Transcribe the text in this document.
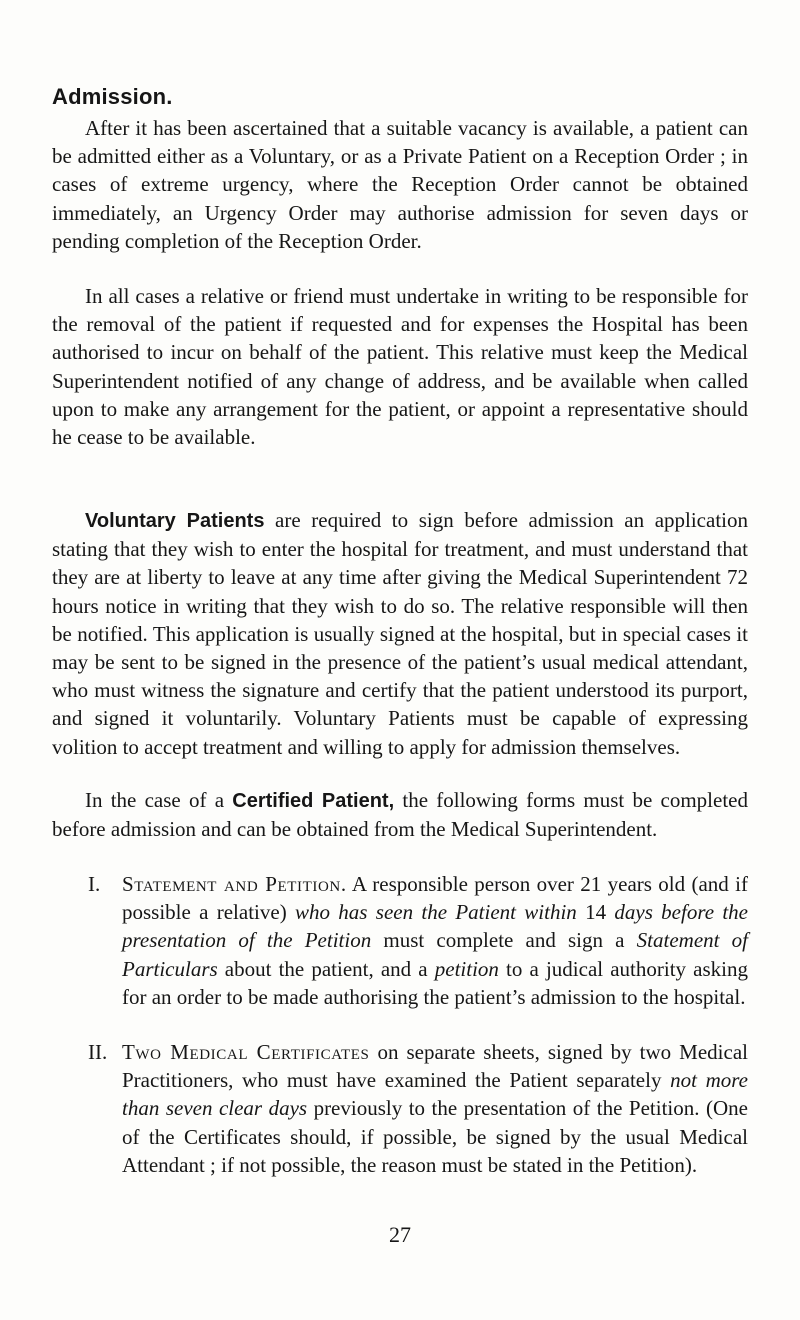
Admission.

After it has been ascertained that a suitable vacancy is available, a patient can be admitted either as a Voluntary, or as a Private Patient on a Reception Order ; in cases of extreme urgency, where the Reception Order cannot be obtained immediately, an Urgency Order may authorise admission for seven days or pending completion of the Reception Order.

In all cases a relative or friend must undertake in writing to be responsible for the removal of the patient if requested and for expenses the Hospital has been authorised to incur on behalf of the patient. This relative must keep the Medical Superintendent notified of any change of address, and be available when called upon to make any arrangement for the patient, or appoint a representative should he cease to be available.

Voluntary Patients are required to sign before admission an application stating that they wish to enter the hospital for treatment, and must understand that they are at liberty to leave at any time after giving the Medical Superintendent 72 hours notice in writing that they wish to do so. The relative responsible will then be notified. This application is usually signed at the hospital, but in special cases it may be sent to be signed in the presence of the patient’s usual medical attendant, who must witness the signature and certify that the patient understood its purport, and signed it voluntarily. Voluntary Patients must be capable of expressing volition to accept treatment and willing to apply for admission themselves.

In the case of a Certified Patient, the following forms must be completed before admission and can be obtained from the Medical Superintendent.

I. Statement and Petition. A responsible person over 21 years old (and if possible a relative) who has seen the Patient within 14 days before the presentation of the Petition must complete and sign a Statement of Particulars about the patient, and a petition to a judical authority asking for an order to be made authorising the patient’s admission to the hospital.

II. Two Medical Certificates on separate sheets, signed by two Medical Practitioners, who must have examined the Patient separately not more than seven clear days previously to the presentation of the Petition. (One of the Certificates should, if possible, be signed by the usual Medical Attendant ; if not possible, the reason must be stated in the Petition).

27
